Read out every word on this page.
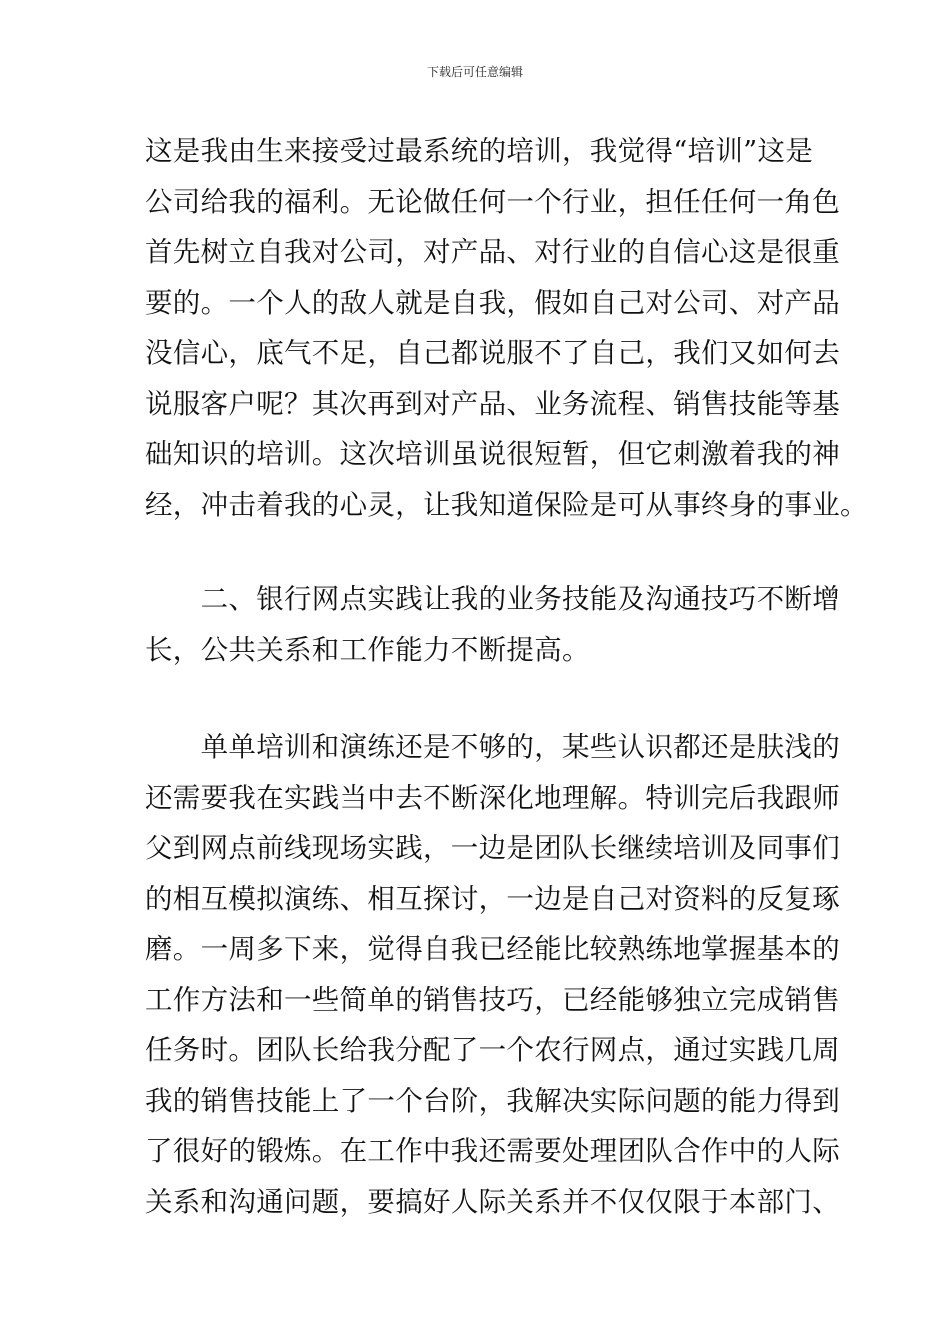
下载后可任意编辑
这是我由生来接受过最系统的培训，我觉得“培训”这是
公司给我的福利。无论做任何一个行业，担任任何一角色
首先树立自我对公司，对产品、对行业的自信心这是很重
要的。一个人的敌人就是自我，假如自己对公司、对产品
没信心，底气不足，自己都说服不了自己，我们又如何去
说服客户呢？其次再到对产品、业务流程、销售技能等基
础知识的培训。这次培训虽说很短暂，但它刺激着我的神
经，冲击着我的心灵，让我知道保险是可从事终身的事业。
　　二、银行网点实践让我的业务技能及沟通技巧不断增
长，公共关系和工作能力不断提高。
　　单单培训和演练还是不够的，某些认识都还是肤浅的
还需要我在实践当中去不断深化地理解。特训完后我跟师
父到网点前线现场实践，一边是团队长继续培训及同事们
的相互模拟演练、相互探讨，一边是自己对资料的反复琢
磨。一周多下来，觉得自我已经能比较熟练地掌握基本的
工作方法和一些简单的销售技巧，已经能够独立完成销售
任务时。团队长给我分配了一个农行网点，通过实践几周
我的销售技能上了一个台阶，我解决实际问题的能力得到
了很好的锻炼。在工作中我还需要处理团队合作中的人际
关系和沟通问题，要搞好人际关系并不仅仅限于本部门、
